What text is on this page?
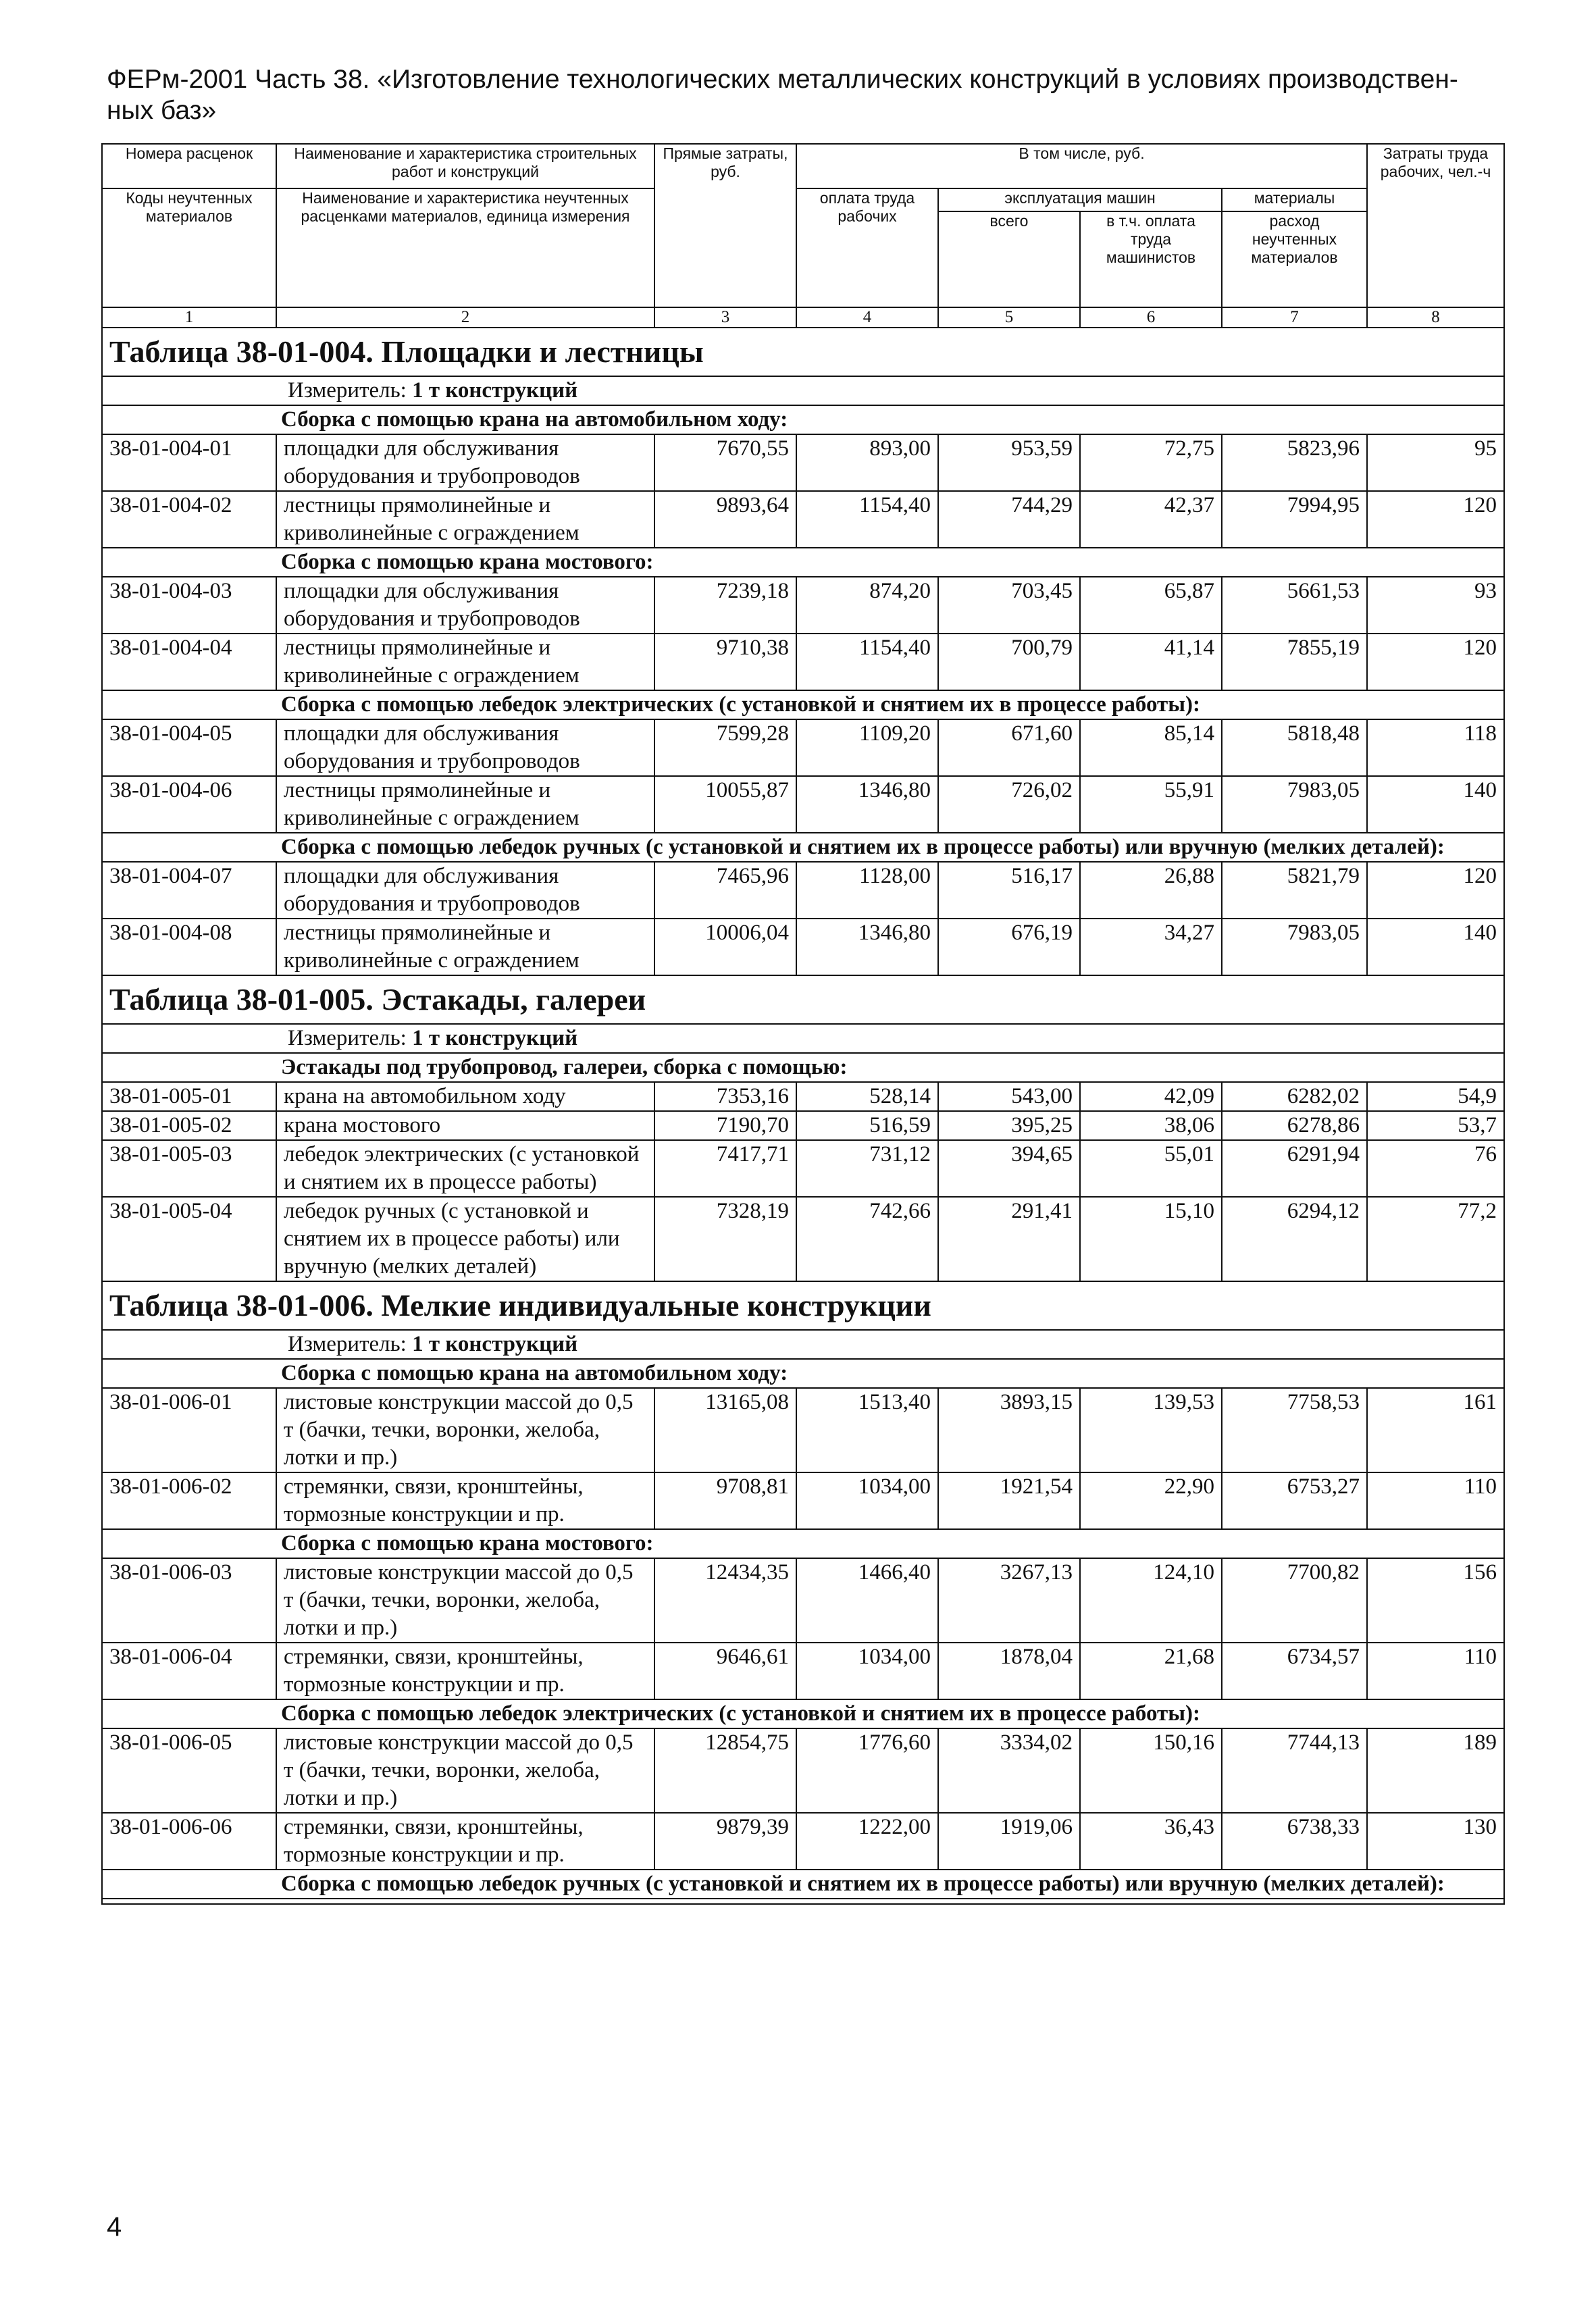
ФЕРм-2001 Часть 38. «Изготовление технологических металлических конструкций в условиях производствен-
ных баз»
Номера расценок	Наименование и характеристика строительных работ и конструкций	Прямые затраты, руб.	В том числе, руб.				Затраты труда рабочих, чел.-ч
Коды неучтенных материалов	Наименование и характеристика неучтенных расценками материалов, единица измерения		оплата труда рабочих	эксплуатация машин		материалы	
				всего	в т.ч. оплата труда машинистов	расход неучтенных материалов	
1	2	3	4	5	6	7	8
Таблица 38-01-004. Площадки и лестницы							
Измеритель: 1 т конструкций							
Сборка с помощью крана на автомобильном ходу:							
38-01-004-01	площадки для обслуживания оборудования и трубопроводов	7670,55	893,00	953,59	72,75	5823,96	95
38-01-004-02	лестницы прямолинейные и криволинейные с ограждением	9893,64	1154,40	744,29	42,37	7994,95	120
Сборка с помощью крана мостового:							
38-01-004-03	площадки для обслуживания оборудования и трубопроводов	7239,18	874,20	703,45	65,87	5661,53	93
38-01-004-04	лестницы прямолинейные и криволинейные с ограждением	9710,38	1154,40	700,79	41,14	7855,19	120
Сборка с помощью лебедок электрических (с установкой и снятием их в процессе работы):							
38-01-004-05	площадки для обслуживания оборудования и трубопроводов	7599,28	1109,20	671,60	85,14	5818,48	118
38-01-004-06	лестницы прямолинейные и криволинейные с ограждением	10055,87	1346,80	726,02	55,91	7983,05	140
Сборка с помощью лебедок ручных (с установкой и снятием их в процессе работы) или вручную (мелких деталей):							
38-01-004-07	площадки для обслуживания оборудования и трубопроводов	7465,96	1128,00	516,17	26,88	5821,79	120
38-01-004-08	лестницы прямолинейные и криволинейные с ограждением	10006,04	1346,80	676,19	34,27	7983,05	140
Таблица 38-01-005. Эстакады, галереи							
Измеритель: 1 т конструкций							
Эстакады под трубопровод, галереи, сборка с помощью:							
38-01-005-01	крана на автомобильном ходу	7353,16	528,14	543,00	42,09	6282,02	54,9
38-01-005-02	крана мостового	7190,70	516,59	395,25	38,06	6278,86	53,7
38-01-005-03	лебедок электрических (с установкой и снятием их в процессе работы)	7417,71	731,12	394,65	55,01	6291,94	76
38-01-005-04	лебедок ручных (с установкой и снятием их в процессе работы) или вручную (мелких деталей)	7328,19	742,66	291,41	15,10	6294,12	77,2
Таблица 38-01-006. Мелкие индивидуальные конструкции							
Измеритель: 1 т конструкций							
Сборка с помощью крана на автомобильном ходу:							
38-01-006-01	листовые конструкции массой до 0,5 т (бачки, течки, воронки, желоба, лотки и пр.)	13165,08	1513,40	3893,15	139,53	7758,53	161
38-01-006-02	стремянки, связи, кронштейны, тормозные конструкции и пр.	9708,81	1034,00	1921,54	22,90	6753,27	110
Сборка с помощью крана мостового:							
38-01-006-03	листовые конструкции массой до 0,5 т (бачки, течки, воронки, желоба, лотки и пр.)	12434,35	1466,40	3267,13	124,10	7700,82	156
38-01-006-04	стремянки, связи, кронштейны, тормозные конструкции и пр.	9646,61	1034,00	1878,04	21,68	6734,57	110
Сборка с помощью лебедок электрических (с установкой и снятием их в процессе работы):							
38-01-006-05	листовые конструкции массой до 0,5 т (бачки, течки, воронки, желоба, лотки и пр.)	12854,75	1776,60	3334,02	150,16	7744,13	189
38-01-006-06	стремянки, связи, кронштейны, тормозные конструкции и пр.	9879,39	1222,00	1919,06	36,43	6738,33	130
Сборка с помощью лебедок ручных (с установкой и снятием их в процессе работы) или вручную (мелких деталей):							

4
